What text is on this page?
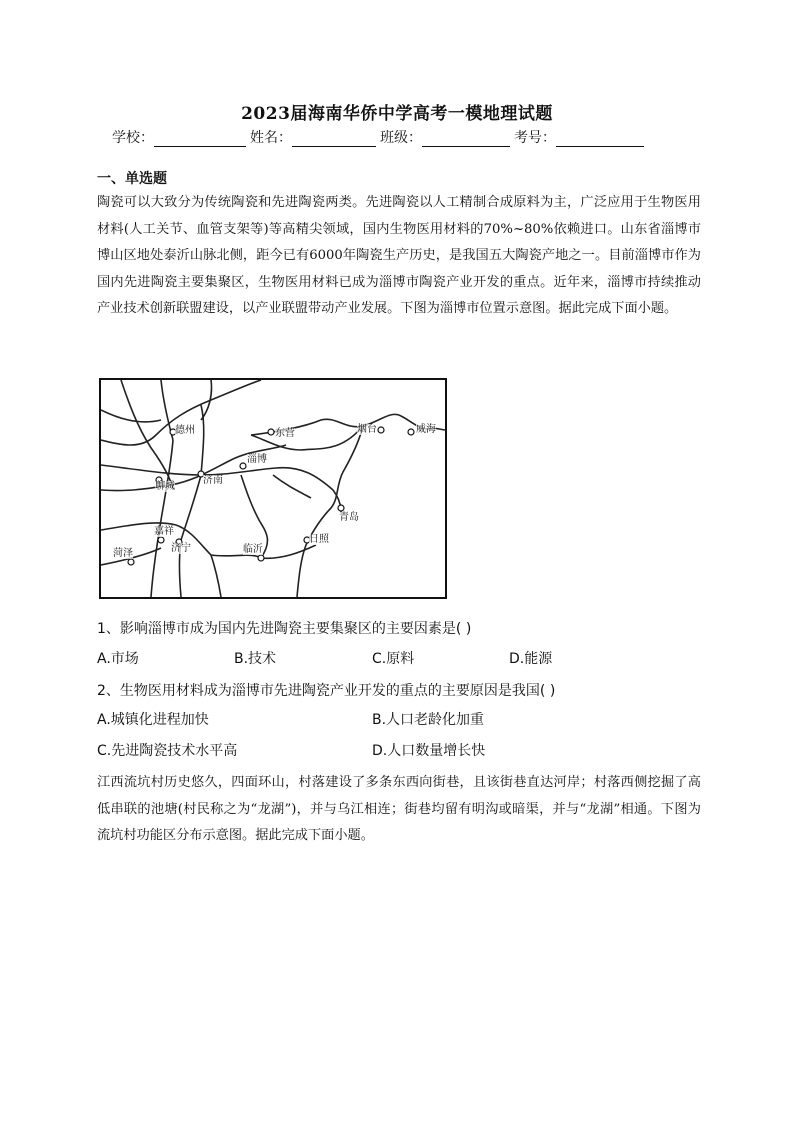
2023届海南华侨中学高考一模地理试题
学校：	姓名：	班级：	考号：
一、单选题
陶瓷可以大致分为传统陶瓷和先进陶瓷两类。先进陶瓷以人工精制合成原料为主，广泛应用于生物医用材料(人工关节、血管支架等)等高精尖领域，国内生物医用材料的70%~80%依赖进口。山东省淄博市博山区地处泰沂山脉北侧，距今已有6000年陶瓷生产历史，是我国五大陶瓷产地之一。目前淄博市作为国内先进陶瓷主要集聚区，生物医用材料已成为淄博市陶瓷产业开发的重点。近年来，淄博市持续推动产业技术创新联盟建设，以产业联盟带动产业发展。下图为淄博市位置示意图。据此完成下面小题。
德州	东营	烟台	威海
聊城
济南
淄博
青岛
嘉祥
济宁
菏泽	临沂
日照
1、影响淄博市成为国内先进陶瓷主要集聚区的主要因素是( )
A.市场	B.技术	C.原料	D.能源
2、生物医用材料成为淄博市先进陶瓷产业开发的重点的主要原因是我国( )
A.城镇化进程加快	B.人口老龄化加重
C.先进陶瓷技术水平高	D.人口数量增长快
江西流坑村历史悠久，四面环山，村落建设了多条东西向街巷，且该街巷直达河岸；村落西侧挖掘了高低串联的池塘(村民称之为“龙湖”)，并与乌江相连；街巷均留有明沟或暗渠，并与“龙湖”相通。下图为流坑村功能区分布示意图。据此完成下面小题。
